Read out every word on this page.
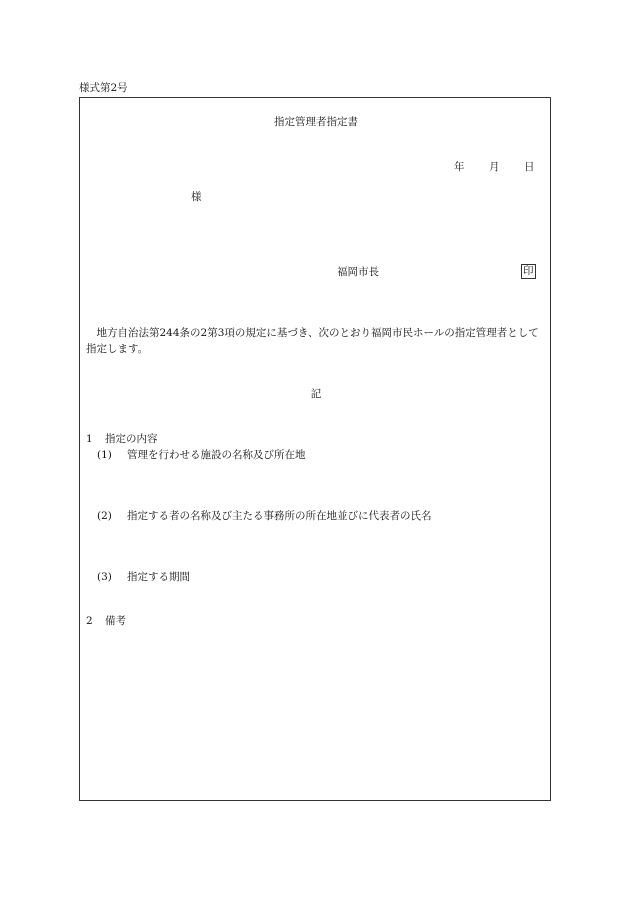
様式第2号
指定管理者指定書
年 月 日
様
福岡市長	印
地方自治法第244条の2第3項の規定に基づき、次のとおり福岡市民ホールの指定管理者として指定します。
記
1 指定の内容
(1) 管理を行わせる施設の名称及び所在地
(2) 指定する者の名称及び主たる事務所の所在地並びに代表者の氏名
(3) 指定する期間
2 備考
